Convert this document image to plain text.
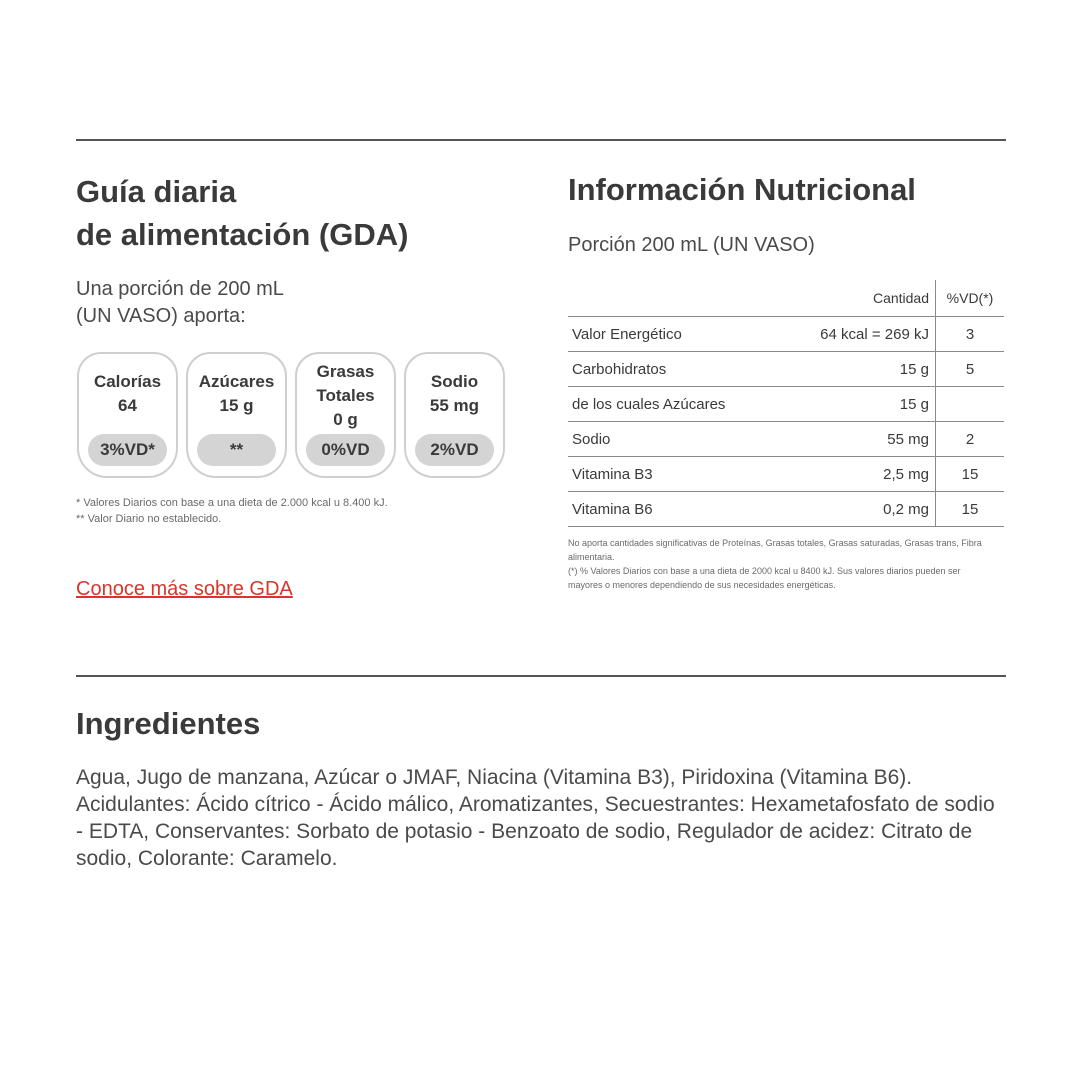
Guía diaria
de alimentación (GDA)
Una porción de 200 mL
(UN VASO) aporta:
Calorías
64
3%VD*
Azúcares
15 g
**
Grasas
Totales
0 g
0%VD
Sodio
55 mg
2%VD
* Valores Diarios con base a una dieta de 2.000 kcal u 8.400 kJ.
** Valor Diario no establecido.
Conoce más sobre GDA
Información Nutricional
Porción 200 mL (UN VASO)
	Cantidad	%VD(*)
Valor Energético	64 kcal = 269 kJ	3
Carbohidratos	15 g	5
de los cuales Azúcares	15 g	
Sodio	55 mg	2
Vitamina B3	2,5 mg	15
Vitamina B6	0,2 mg	15
No aporta cantidades significativas de Proteínas, Grasas totales, Grasas saturadas, Grasas trans, Fibra alimentaria.
(*) % Valores Diarios con base a una dieta de 2000 kcal u 8400 kJ. Sus valores diarios pueden ser mayores o menores dependiendo de sus necesidades energéticas.
Ingredientes

Agua, Jugo de manzana, Azúcar o JMAF, Niacina (Vitamina B3), Piridoxina (Vitamina B6). Acidulantes: Ácido cítrico - Ácido málico, Aromatizantes, Secuestrantes: Hexametafosfato de sodio - EDTA, Conservantes: Sorbato de potasio - Benzoato de sodio, Regulador de acidez: Citrato de sodio, Colorante: Caramelo.
